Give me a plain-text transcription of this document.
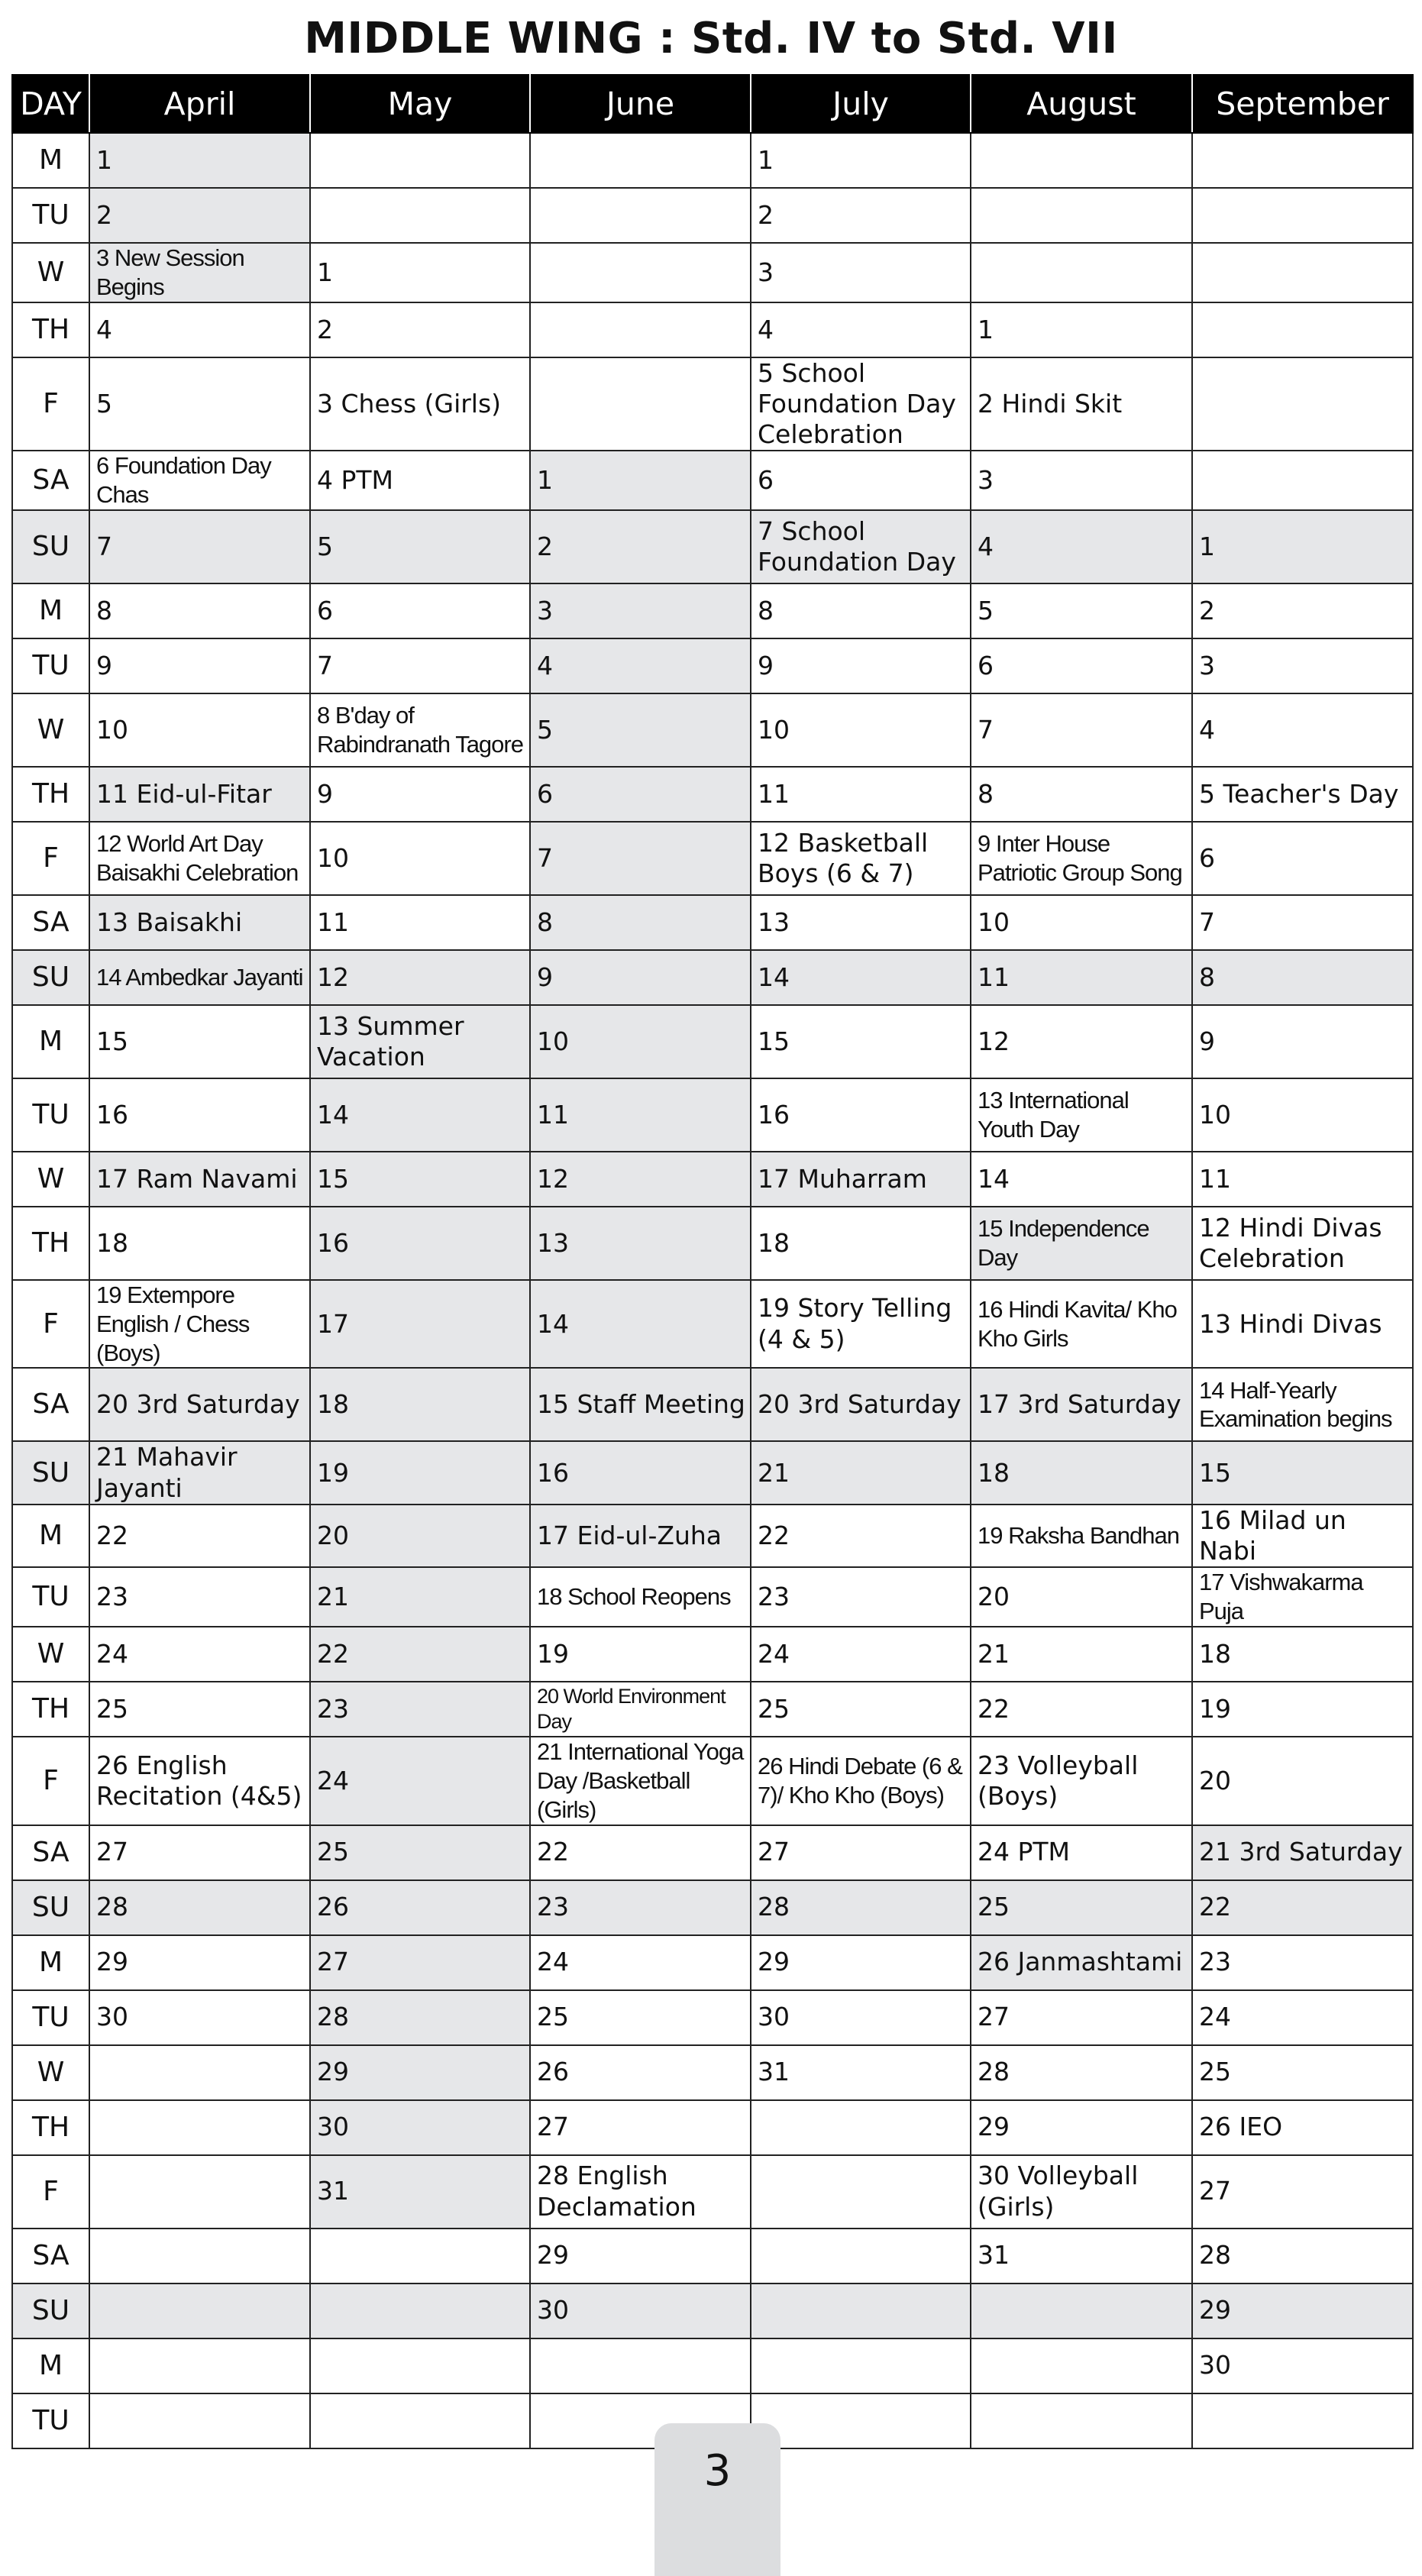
MIDDLE WING : Std. IV to Std. VII
DAY	April	May	June	July	August	September
M	1			1		
TU	2			2		
W	3 New Session Begins	1		3		
TH	4	2		4	1	
F	5	3 Chess (Girls)		5 School Foundation Day Celebration	2 Hindi Skit	
SA	6 Foundation Day Chas	4 PTM	1	6	3	
SU	7	5	2	7 School Foundation Day	4	1
M	8	6	3	8	5	2
TU	9	7	4	9	6	3
W	10	8 B'day of Rabindranath Tagore	5	10	7	4
TH	11 Eid-ul-Fitar	9	6	11	8	5 Teacher's Day
F	12 World Art Day Baisakhi Celebration	10	7	12 Basketball Boys (6 & 7)	9 Inter House Patriotic Group Song	6
SA	13 Baisakhi	11	8	13	10	7
SU	14 Ambedkar Jayanti	12	9	14	11	8
M	15	13 Summer Vacation	10	15	12	9
TU	16	14	11	16	13 International Youth Day	10
W	17 Ram Navami	15	12	17 Muharram	14	11
TH	18	16	13	18	15 Independence Day	12 Hindi Divas Celebration
F	19 Extempore English / Chess (Boys)	17	14	19 Story Telling (4 & 5)	16 Hindi Kavita/ Kho Kho Girls	13 Hindi Divas
SA	20 3rd Saturday	18	15 Staff Meeting	20 3rd Saturday	17 3rd Saturday	14 Half-Yearly Examination begins
SU	21 Mahavir Jayanti	19	16	21	18	15
M	22	20	17 Eid-ul-Zuha	22	19 Raksha Bandhan	16 Milad un Nabi
TU	23	21	18 School Reopens	23	20	17 Vishwakarma Puja
W	24	22	19	24	21	18
TH	25	23	20 World Environment Day	25	22	19
F	26 English Recitation (4&5)	24	21 International Yoga Day /Basketball (Girls)	26 Hindi Debate (6 & 7)/ Kho Kho (Boys)	23 Volleyball (Boys)	20
SA	27	25	22	27	24 PTM	21 3rd Saturday
SU	28	26	23	28	25	22
M	29	27	24	29	26 Janmashtami	23
TU	30	28	25	30	27	24
W		29	26	31	28	25
TH		30	27		29	26 IEO
F		31	28 English Declamation		30 Volleyball (Girls)	27
SA			29		31	28
SU			30			29
M						30
TU						
3
